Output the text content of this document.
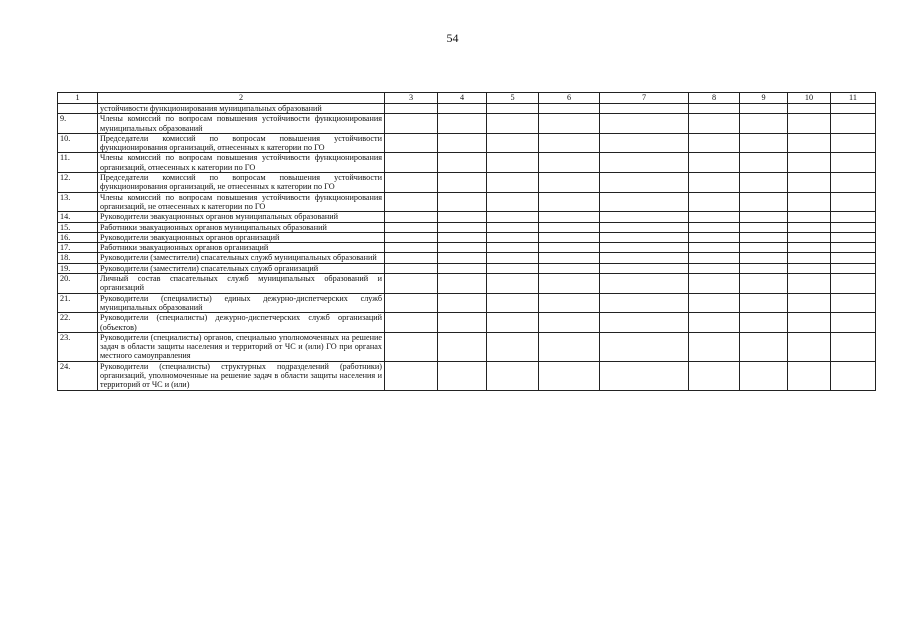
54
1	2	3	4	5	6	7	8	9	10	11
	устойчивости функционирования муниципальных образований									
9.	Члены комиссий по вопросам повышения устойчивости функционирования муниципальных образований									
10.	Председатели комиссий по вопросам повышения устойчивости функционирования организаций, отнесенных к категории по ГО									
11.	Члены комиссий по вопросам повышения устойчивости функционирования организаций, отнесенных к категории по ГО									
12.	Председатели комиссий по вопросам повышения устойчивости функционирования организаций, не отнесенных к категории по ГО									
13.	Члены комиссий по вопросам повышения устойчивости функционирования организаций, не отнесенных к категории по ГО									
14.	Руководители эвакуационных органов муниципальных образований									
15.	Работники эвакуационных органов муниципальных образований									
16.	Руководители эвакуационных органов организаций									
17.	Работники эвакуационных органов организаций									
18.	Руководители (заместители) спасательных служб муниципальных образований									
19.	Руководители (заместители) спасательных служб организаций									
20.	Личный состав спасательных служб муниципальных образований и организаций									
21.	Руководители (специалисты) единых дежурно-диспетчерских служб муниципальных образований									
22.	Руководители (специалисты) дежурно-диспетчерских служб организаций (объектов)									
23.	Руководители (специалисты) органов, специально уполномоченных на решение задач в области защиты населения и территорий от ЧС и (или) ГО при органах местного самоуправления									
24.	Руководители (специалисты) структурных подразделений (работники) организаций, уполномоченные на решение задач в области защиты населения и территорий от ЧС и (или)									
